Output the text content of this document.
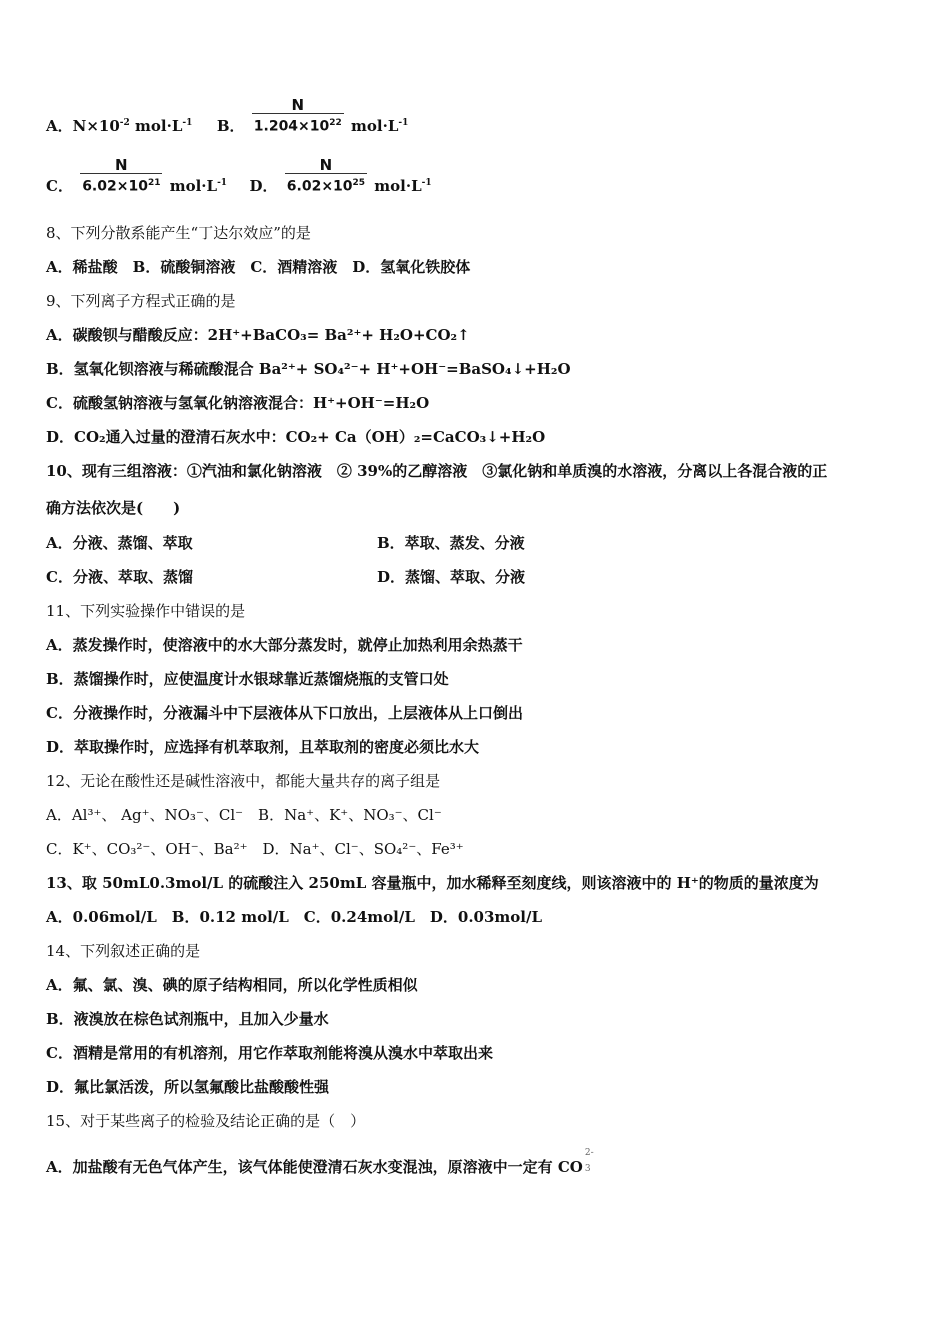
A．$N\times 10^{-2}$ $mol\cdot L^{-1}$ B． $\frac{N}{1.204\times 10^{22}} mol\cdot L^{-1}$
C． $\frac{N}{6.02\times 10^{21}} mol\cdot L^{-1}$ D． $\frac{N}{6.02\times 10^{25}} mol\cdot L^{-1}$
8、下列分散系能产生“丁达尔效应”的是
A．稀盐酸　B．硫酸铜溶液　C．酒精溶液　D．氢氧化铁胶体
9、下列离子方程式正确的是
A．碳酸钡与醋酸反应：2H⁺+BaCO₃= Ba²⁺+ H₂O+CO₂↑
B．氢氧化钡溶液与稀硫酸混合 Ba²⁺+ SO₄²⁻+ H⁺+OH⁻=BaSO₄↓+H₂O
C．硫酸氢钠溶液与氢氧化钠溶液混合：H⁺+OH⁻=H₂O
D．CO₂通入过量的澄清石灰水中：CO₂+ Ca（OH）₂=CaCO₃↓+H₂O
10、现有三组溶液：①汽油和氯化钠溶液　② 39%的乙醇溶液　③氯化钠和单质溴的水溶液，分离以上各混合液的正
确方法依次是(　　)
A．分液、蒸馏、萃取	B．萃取、蒸发、分液
C．分液、萃取、蒸馏	D．蒸馏、萃取、分液
11、下列实验操作中错误的是
A．蒸发操作时，使溶液中的水大部分蒸发时，就停止加热利用余热蒸干
B．蒸馏操作时，应使温度计水银球靠近蒸馏烧瓶的支管口处
C．分液操作时，分液漏斗中下层液体从下口放出，上层液体从上口倒出
D．萃取操作时，应选择有机萃取剂，且萃取剂的密度必须比水大
12、无论在酸性还是碱性溶液中，都能大量共存的离子组是
A．Al³⁺、 Ag⁺、NO₃⁻、Cl⁻　B．Na⁺、K⁺、NO₃⁻、Cl⁻
C．K⁺、CO₃²⁻、OH⁻、Ba²⁺　D．Na⁺、Cl⁻、SO₄²⁻、Fe³⁺
13、取 50mL0.3mol/L 的硫酸注入 250mL 容量瓶中，加水稀释至刻度线，则该溶液中的 H⁺的物质的量浓度为
A．0.06mol/L　B．0.12 mol/L　C．0.24mol/L　D．0.03mol/L
14、下列叙述正确的是
A．氟、氯、溴、碘的原子结构相同，所以化学性质相似
B．液溴放在棕色试剂瓶中，且加入少量水
C．酒精是常用的有机溶剂，用它作萃取剂能将溴从溴水中萃取出来
D．氟比氯活泼，所以氢氟酸比盐酸酸性强
15、对于某些离子的检验及结论正确的是（　）
A．加盐酸有无色气体产生，该气体能使澄清石灰水变混浊，原溶液中一定有 CO
2-
3
